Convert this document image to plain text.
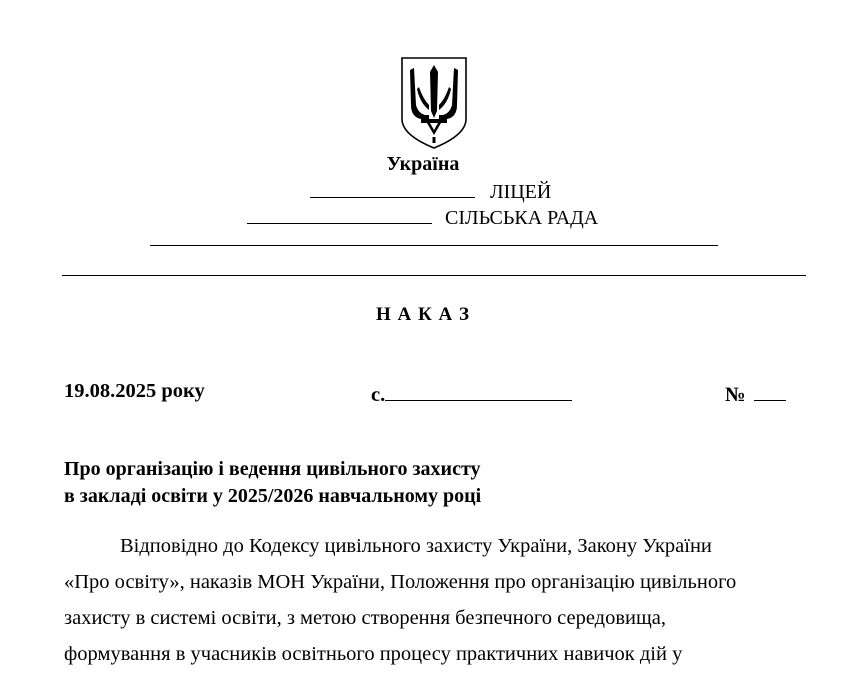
Україна
ЛІЦЕЙ
СІЛЬСЬКА РАДА
Н А К А З
19.08.2025 року	с.	№
Про організацію і ведення цивільного захисту
в закладі освіти у 2025/2026 навчальному році
Відповідно до Кодексу цивільного захисту України, Закону України
«Про освіту», наказів МОН України, Положення про організацію цивільного
захисту в системі освіти, з метою створення безпечного середовища,
формування в учасників освітнього процесу практичних навичок дій у
